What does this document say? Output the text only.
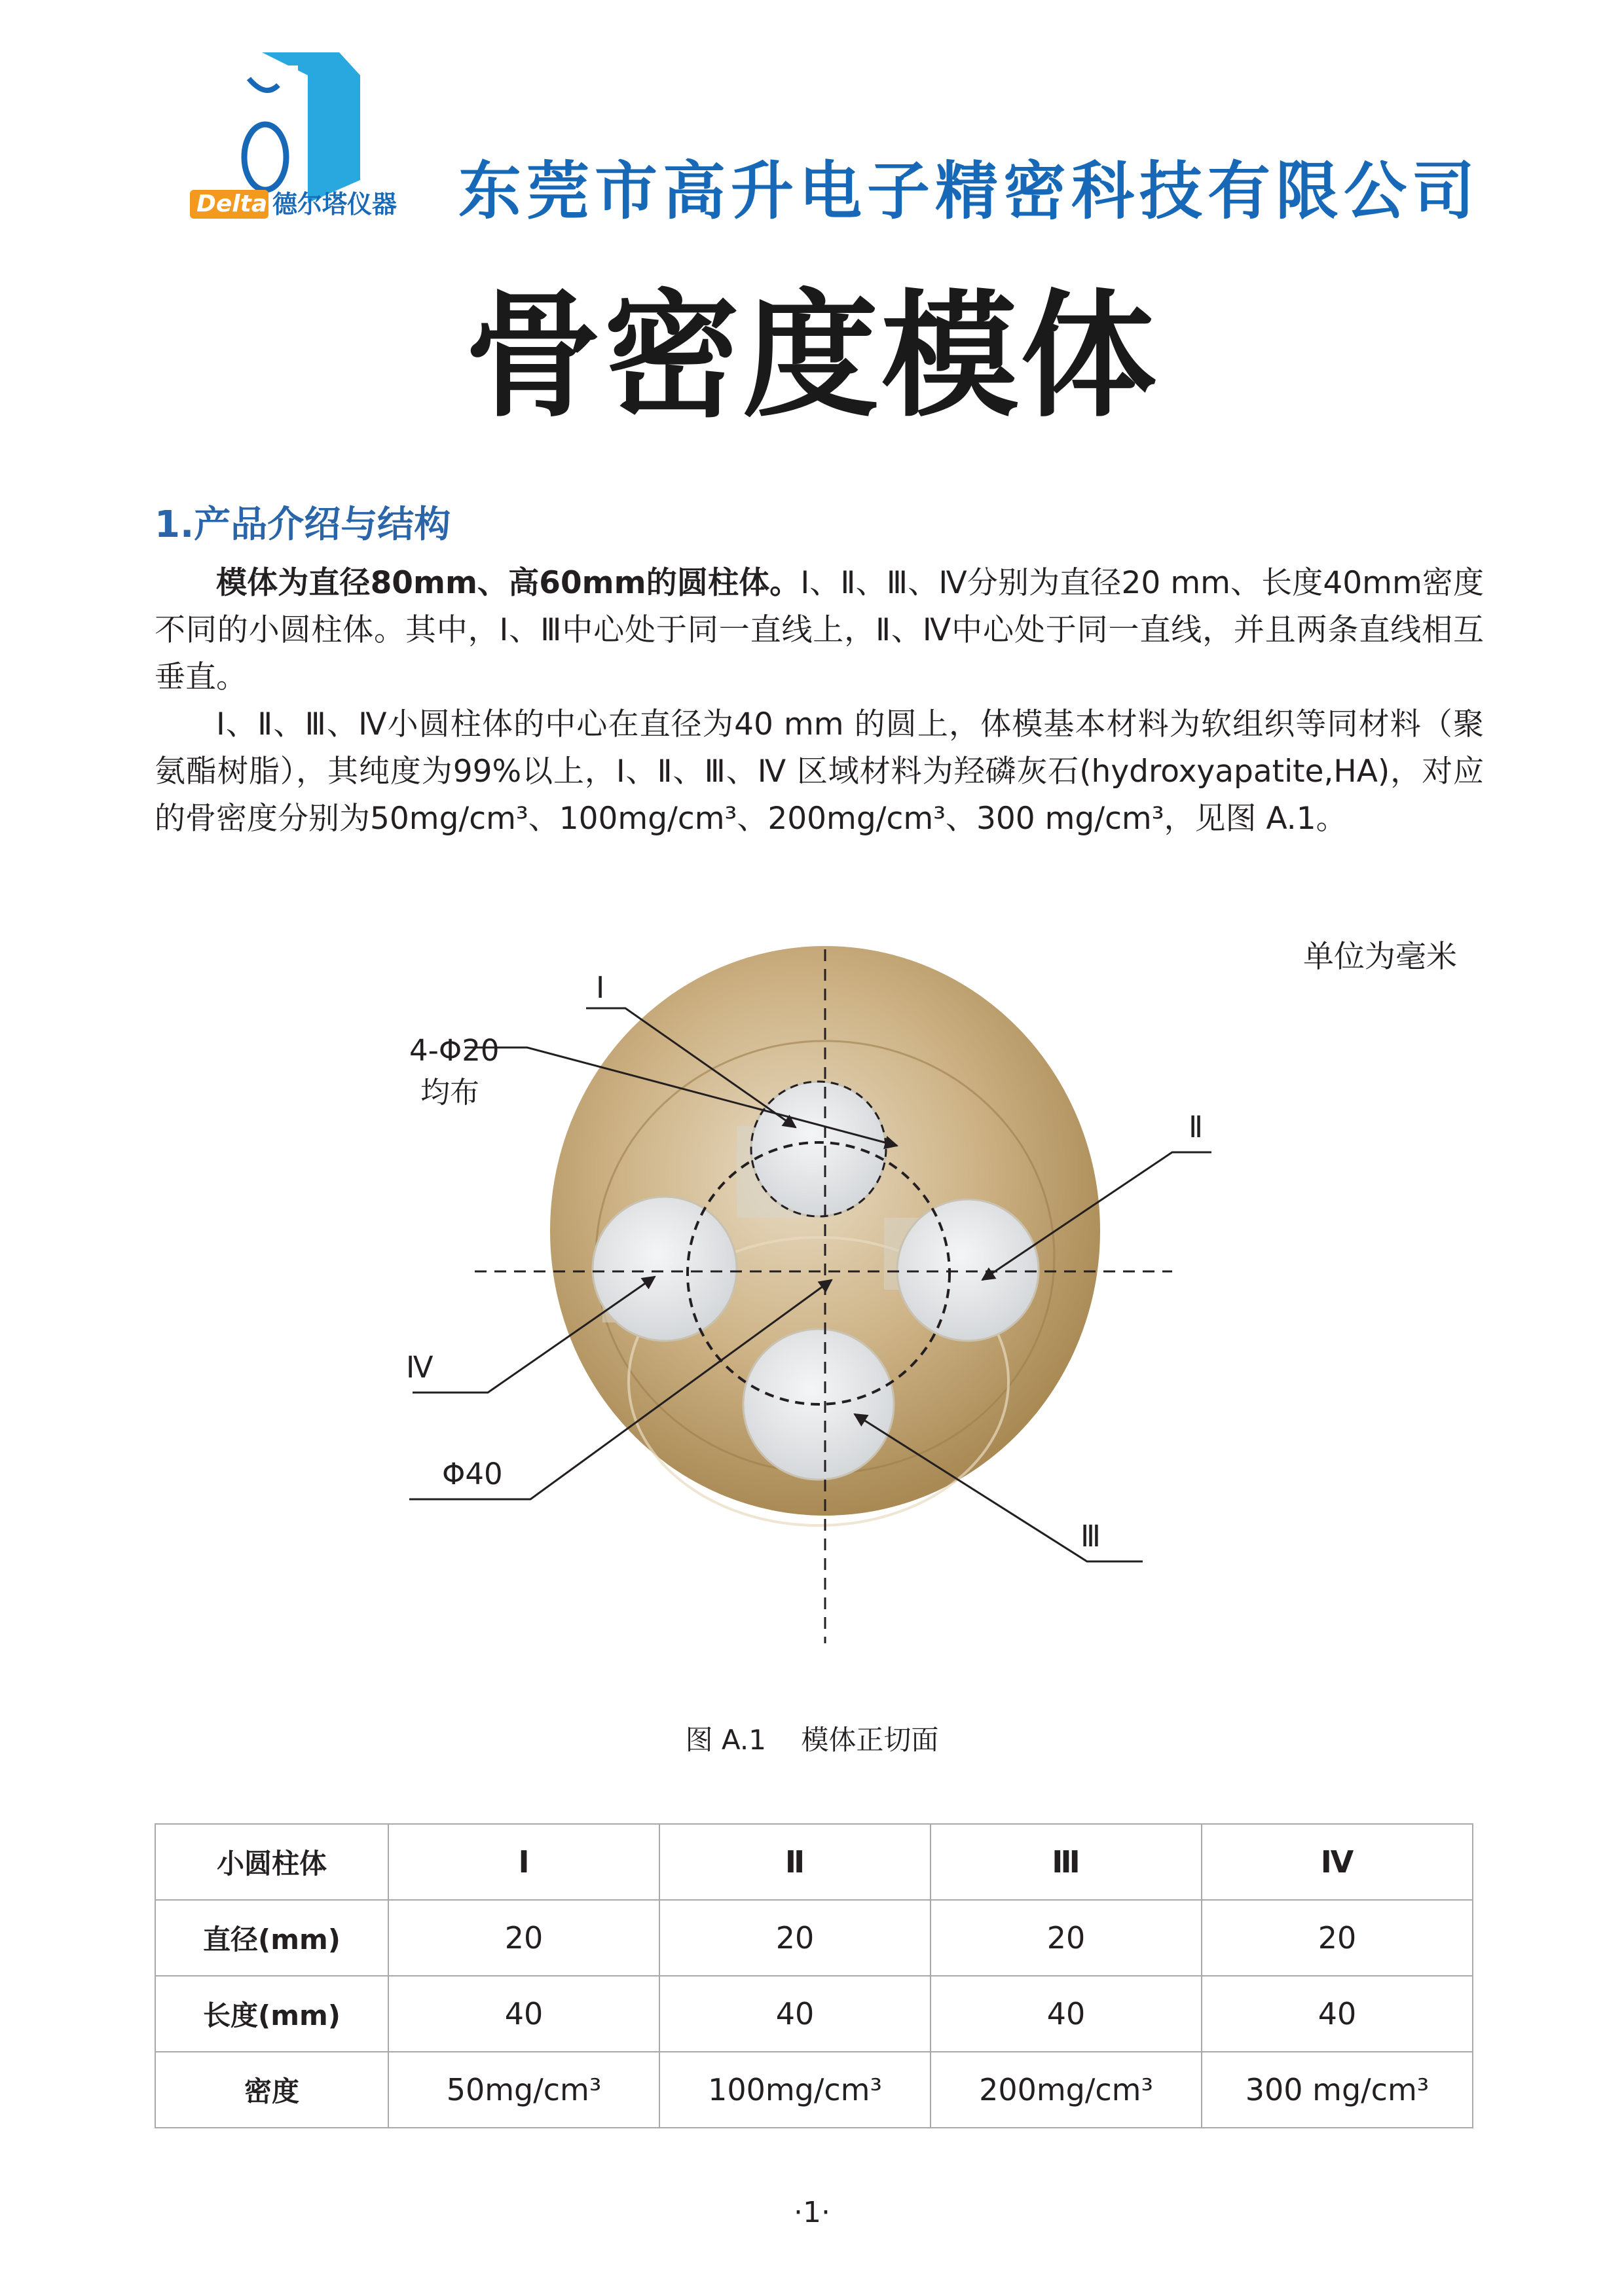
Delta 德尔塔仪器 东莞市高升电子精密科技有限公司
骨密度模体
1.产品介绍与结构

模体为直径80mm、高60mm的圆柱体。Ⅰ、Ⅱ、Ⅲ、Ⅳ分别为直径20 mm、长度40mm密度不同的小圆柱体。其中，Ⅰ、Ⅲ中心处于同一直线上，Ⅱ、Ⅳ中心处于同一直线，并且两条直线相互垂直。

Ⅰ、Ⅱ、Ⅲ、Ⅳ小圆柱体的中心在直径为40 mm 的圆上，体模基本材料为软组织等同材料（聚氨酯树脂），其纯度为99%以上，Ⅰ、Ⅱ、Ⅲ、Ⅳ 区域材料为羟磷灰石(hydroxyapatite,HA)，对应的骨密度分别为50mg/cm³、100mg/cm³、200mg/cm³、300 mg/cm³，见图 A.1。

单位为毫米
Ⅰ
4-Φ20
均布
Ⅱ
Ⅳ
Φ40
Ⅲ
图 A.1    模体正切面
小圆柱体	Ⅰ	Ⅱ	Ⅲ	Ⅳ
直径(mm)	20	20	20	20
长度(mm)	40	40	40	40
密度	50mg/cm³	100mg/cm³	200mg/cm³	300 mg/cm³
·1·
